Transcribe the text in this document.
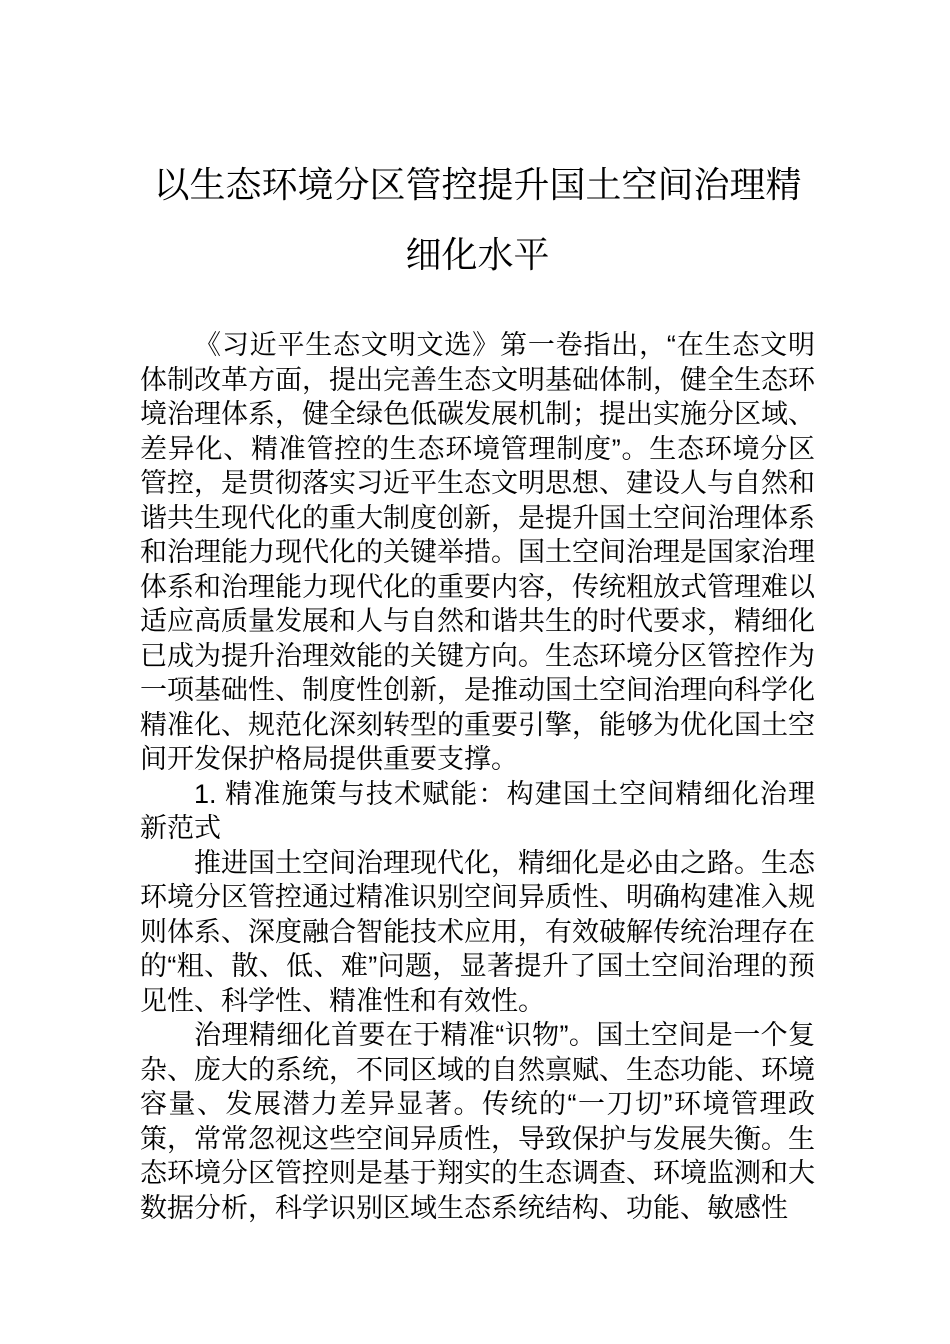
以生态环境分区管控提升国土空间治理精细化水平

《习近平生态文明文选》第一卷指出，“在生态文明体制改革方面，提出完善生态文明基础体制，健全生态环境治理体系，健全绿色低碳发展机制；提出实施分区域、差异化、精准管控的生态环境管理制度”。生态环境分区管控，是贯彻落实习近平生态文明思想、建设人与自然和谐共生现代化的重大制度创新，是提升国土空间治理体系和治理能力现代化的关键举措。国土空间治理是国家治理体系和治理能力现代化的重要内容，传统粗放式管理难以适应高质量发展和人与自然和谐共生的时代要求，精细化已成为提升治理效能的关键方向。生态环境分区管控作为一项基础性、制度性创新，是推动国土空间治理向科学化精准化、规范化深刻转型的重要引擎，能够为优化国土空间开发保护格局提供重要支撑。

1. 精准施策与技术赋能：构建国土空间精细化治理新范式

推进国土空间治理现代化，精细化是必由之路。生态环境分区管控通过精准识别空间异质性、明确构建准入规则体系、深度融合智能技术应用，有效破解传统治理存在的“粗、散、低、难”问题，显著提升了国土空间治理的预见性、科学性、精准性和有效性。

治理精细化首要在于精准“识物”。国土空间是一个复杂、庞大的系统，不同区域的自然禀赋、生态功能、环境容量、发展潜力差异显著。传统的“一刀切”环境管理政策，常常忽视这些空间异质性，导致保护与发展失衡。生态环境分区管控则是基于翔实的生态调查、环境监测和大数据分析，科学识别区域生态系统结构、功能、敏感性
